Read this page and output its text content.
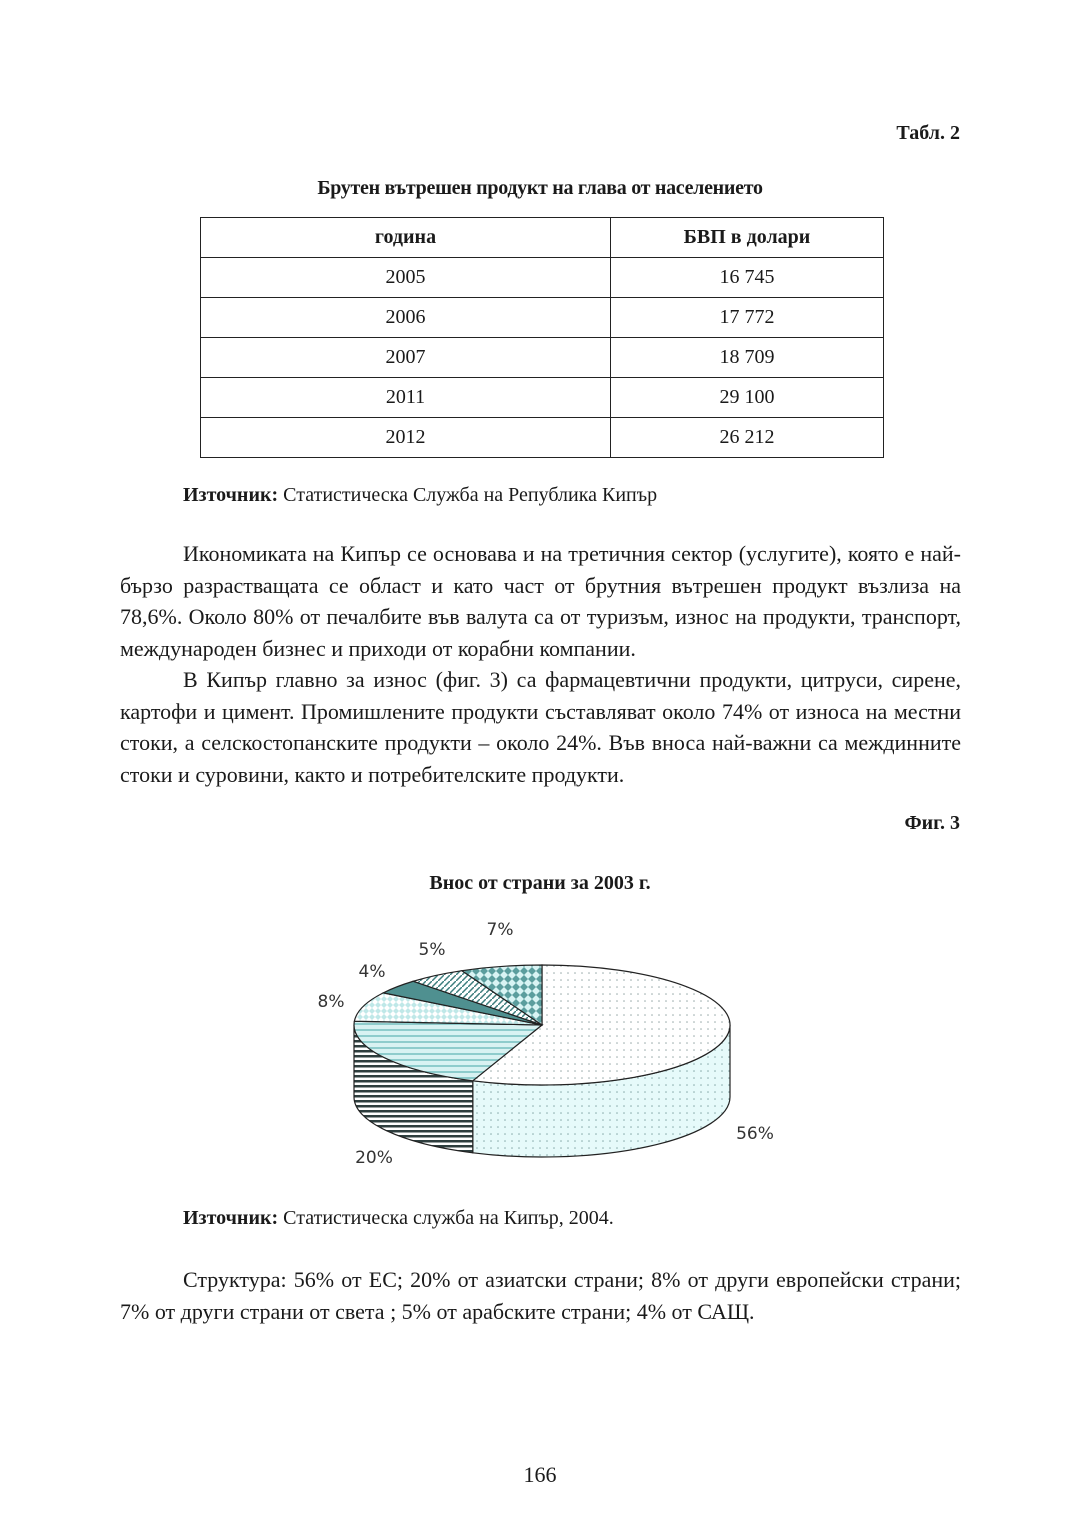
Табл. 2
Брутен вътрешен продукт на глава от населението
година	БВП в долари
2005	16 745
2006	17 772
2007	18 709
2011	29 100
2012	26 212
Източник: Статистическа Служба на Република Кипър

Икономиката на Кипър се основава и на третичния сектор (услугите), която е най-бързо разрастващата се област и като част от брутния вътрешен продукт възлиза на 78,6%. Около 80% от печалбите във валута са от туризъм, износ на продукти, транспорт, международен бизнес и приходи от корабни компании.

В Кипър главно за износ (фиг. 3) са фармацевтични продукти, цитруси, сирене, картофи и цимент. Промишлените продукти съставляват около 74% от износа на местни стоки, а селскостопанските продукти – около 24%. Във вноса най-важни са междинните стоки и суровини, както и потребителските продукти.

Фиг. 3
Внос от страни за 2003 г.
56%
20%
8%
4%
5%
7%
Източник: Статистическа служба на Кипър, 2004.

Структура: 56% от ЕС; 20% от азиатски страни; 8% от други европейски страни; 7% от други страни от света ; 5% от арабските страни; 4% от САЩ.

166
